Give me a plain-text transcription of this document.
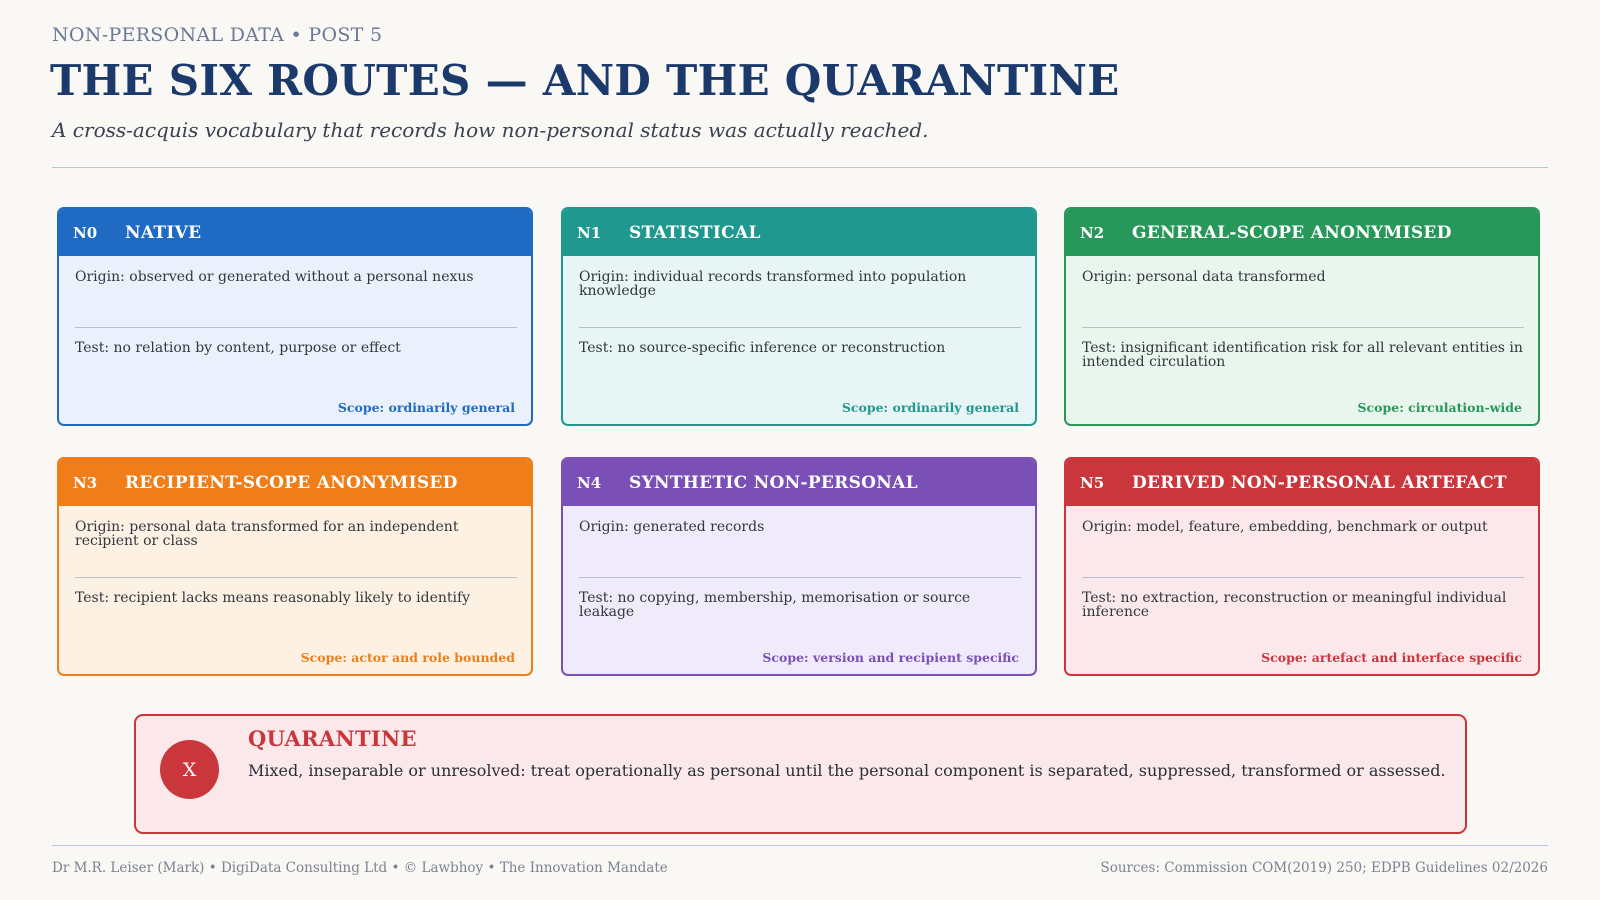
NON-PERSONAL DATA • POST 5
THE SIX ROUTES — AND THE QUARANTINE
A cross-acquis vocabulary that records how non-personal status was actually reached.
N0	NATIVE
Origin: observed or generated without a personal nexus
Test: no relation by content, purpose or effect
Scope: ordinarily general
N1	STATISTICAL
Origin: individual records transformed into population knowledge
Test: no source-specific inference or reconstruction
Scope: ordinarily general
N2	GENERAL-SCOPE ANONYMISED
Origin: personal data transformed
Test: insignificant identification risk for all relevant entities in intended circulation
Scope: circulation-wide
N3	RECIPIENT-SCOPE ANONYMISED
Origin: personal data transformed for an independent recipient or class
Test: recipient lacks means reasonably likely to identify
Scope: actor and role bounded
N4	SYNTHETIC NON-PERSONAL
Origin: generated records
Test: no copying, membership, memorisation or source leakage
Scope: version and recipient specific
N5	DERIVED NON-PERSONAL ARTEFACT
Origin: model, feature, embedding, benchmark or output
Test: no extraction, reconstruction or meaningful individual inference
Scope: artefact and interface specific
X
QUARANTINE
Mixed, inseparable or unresolved: treat operationally as personal until the personal component is separated, suppressed, transformed or assessed.
Dr M.R. Leiser (Mark) • DigiData Consulting Ltd • © Lawbhoy • The Innovation Mandate	Sources: Commission COM(2019) 250; EDPB Guidelines 02/2026
